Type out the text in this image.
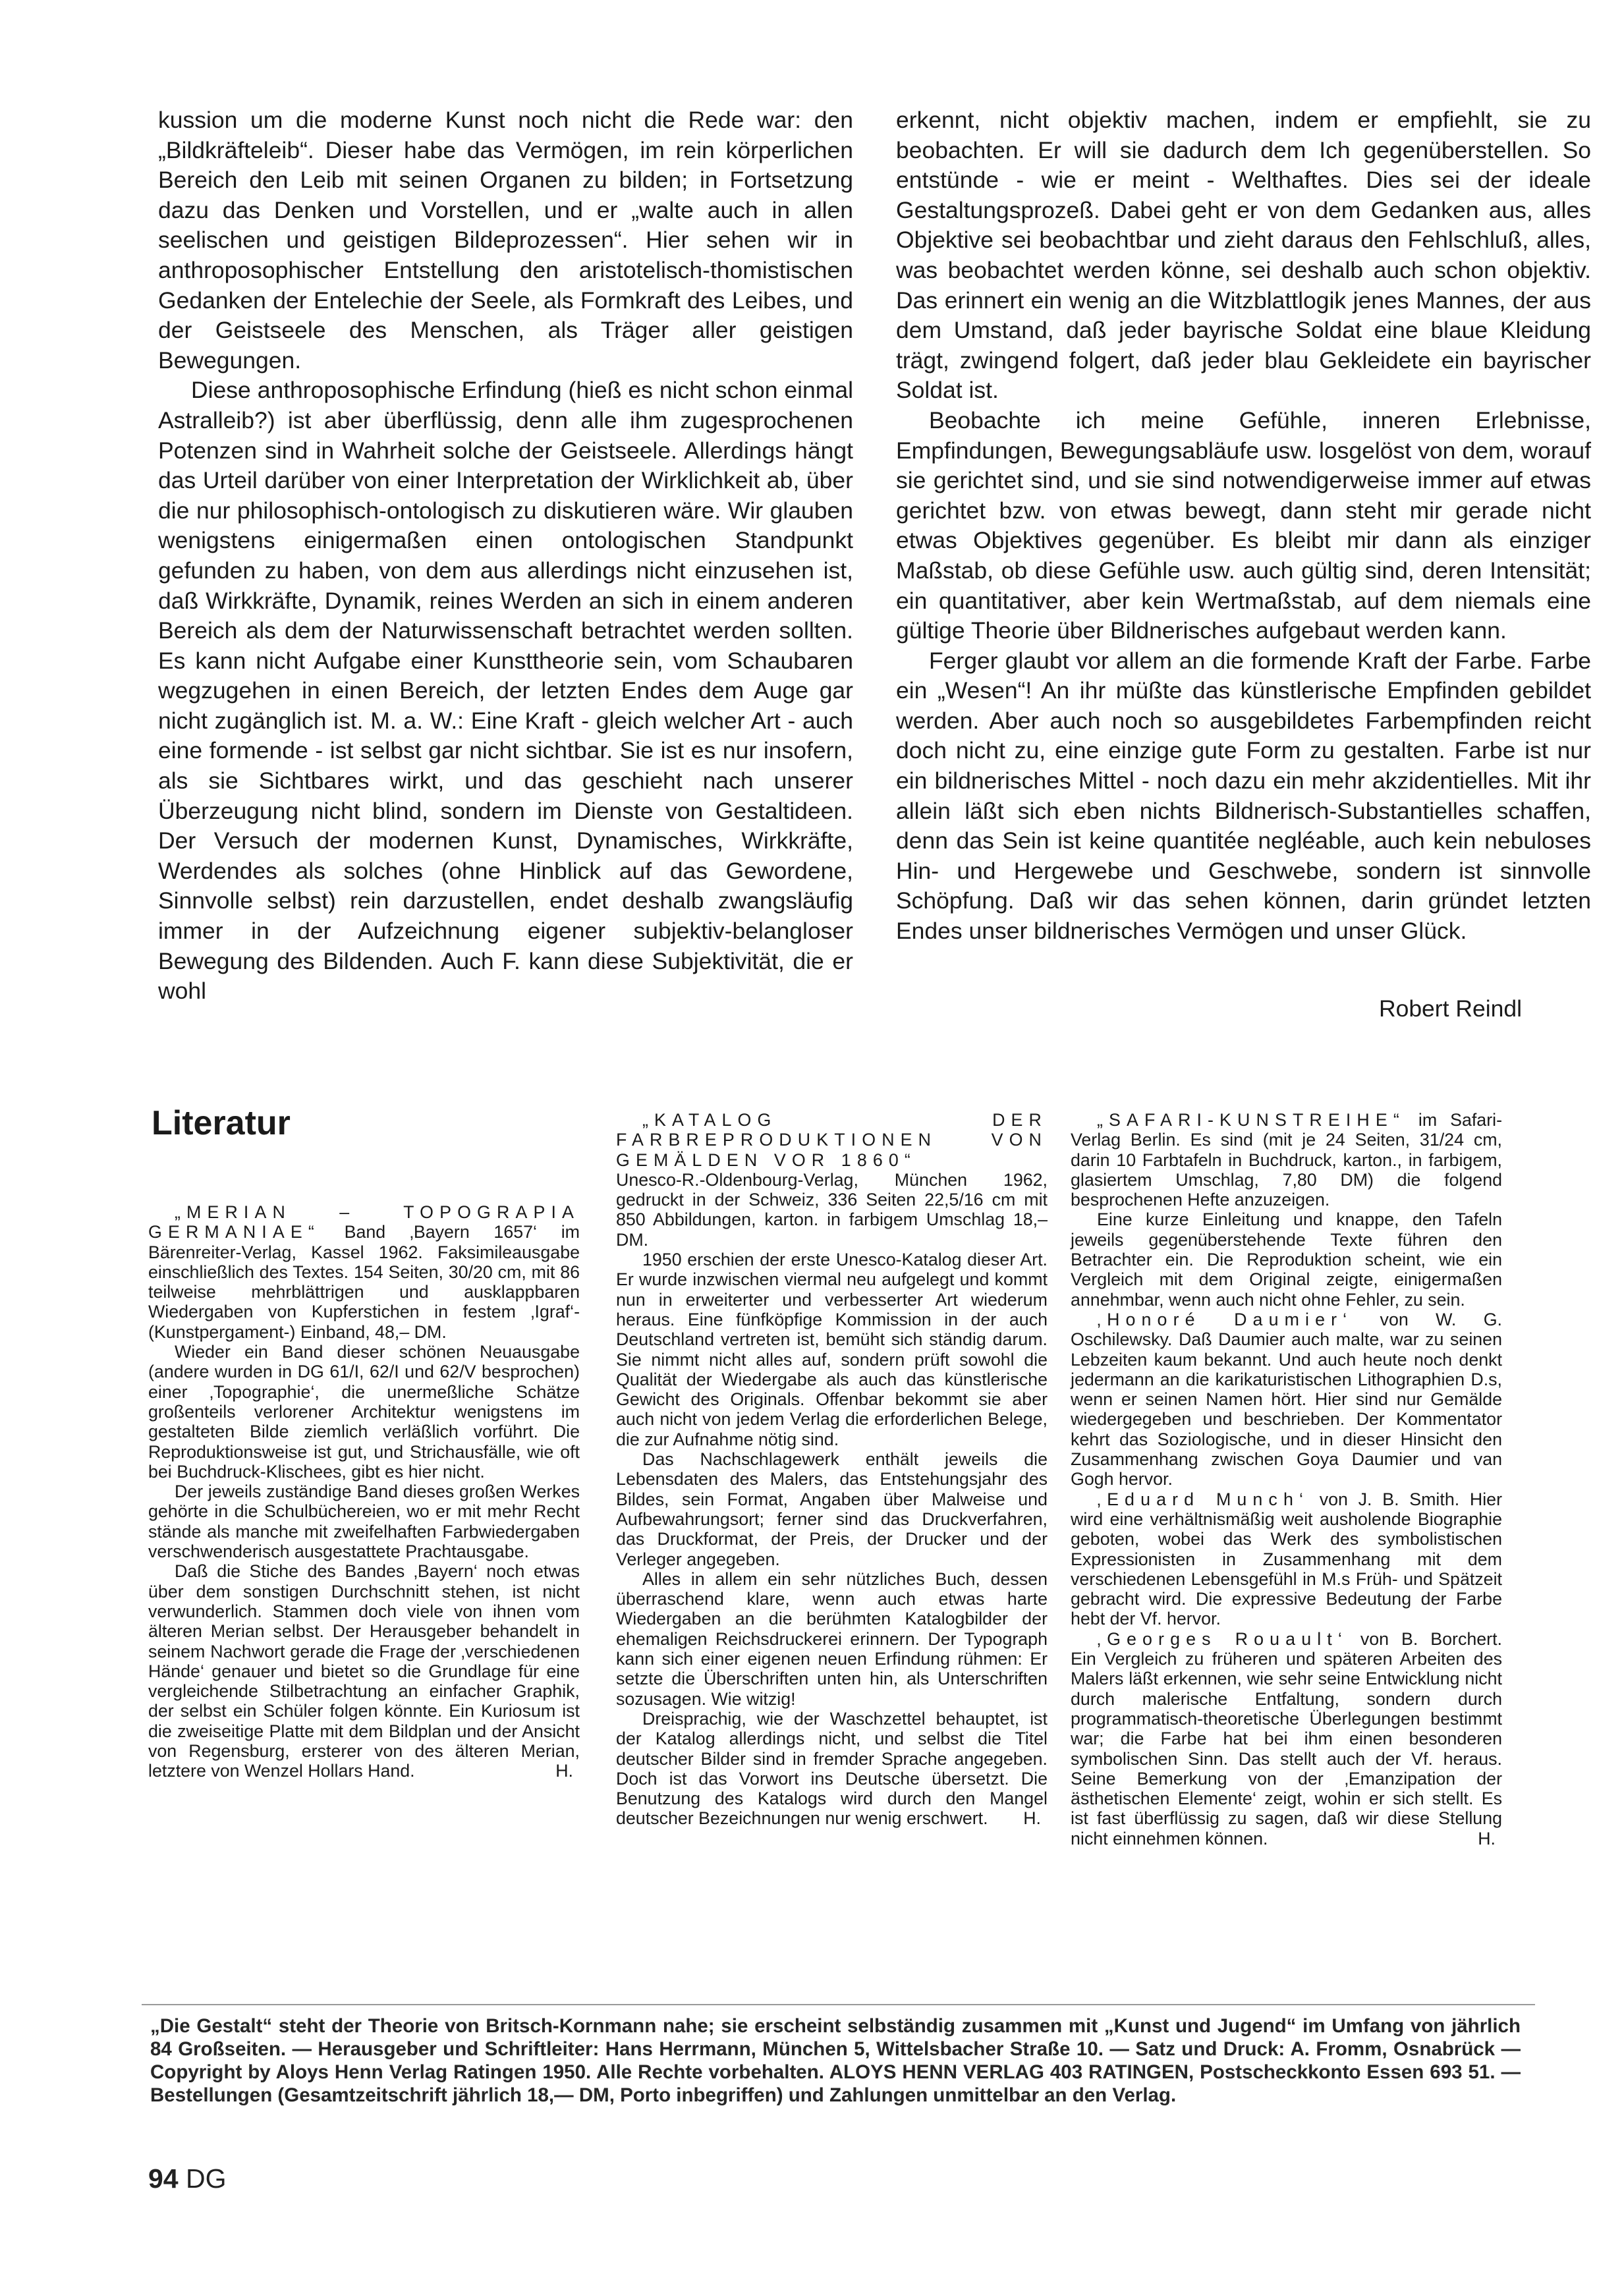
kussion um die moderne Kunst noch nicht die Rede war: den „Bildkräfteleib“. Dieser habe das Vermögen, im rein körperlichen Bereich den Leib mit seinen Organen zu bilden; in Fortsetzung dazu das Denken und Vorstellen, und er „walte auch in allen seelischen und geistigen Bildeprozessen“. Hier sehen wir in anthroposophischer Entstellung den aristotelisch-thomistischen Gedanken der Entelechie der Seele, als Formkraft des Leibes, und der Geistseele des Menschen, als Träger aller geistigen Bewegungen.

Diese anthroposophische Erfindung (hieß es nicht schon einmal Astralleib?) ist aber überflüssig, denn alle ihm zugesprochenen Potenzen sind in Wahrheit solche der Geistseele. Allerdings hängt das Urteil darüber von einer Interpretation der Wirklichkeit ab, über die nur philosophisch-ontologisch zu diskutieren wäre. Wir glauben wenigstens einigermaßen einen ontologischen Standpunkt gefunden zu haben, von dem aus allerdings nicht einzusehen ist, daß Wirkkräfte, Dynamik, reines Werden an sich in einem anderen Bereich als dem der Naturwissenschaft betrachtet werden sollten. Es kann nicht Aufgabe einer Kunsttheorie sein, vom Schaubaren wegzugehen in einen Bereich, der letzten Endes dem Auge gar nicht zugänglich ist. M. a. W.: Eine Kraft - gleich welcher Art - auch eine formende - ist selbst gar nicht sichtbar. Sie ist es nur insofern, als sie Sichtbares wirkt, und das geschieht nach unserer Überzeugung nicht blind, sondern im Dienste von Gestaltideen. Der Versuch der modernen Kunst, Dynamisches, Wirkkräfte, Werdendes als solches (ohne Hinblick auf das Gewordene, Sinnvolle selbst) rein darzustellen, endet deshalb zwangsläufig immer in der Aufzeichnung eigener subjektiv-belangloser Bewegung des Bildenden. Auch F. kann diese Subjektivität, die er wohl

erkennt, nicht objektiv machen, indem er empfiehlt, sie zu beobachten. Er will sie dadurch dem Ich gegenüberstellen. So entstünde - wie er meint - Welthaftes. Dies sei der ideale Gestaltungsprozeß. Dabei geht er von dem Gedanken aus, alles Objektive sei beobachtbar und zieht daraus den Fehlschluß, alles, was beobachtet werden könne, sei deshalb auch schon objektiv. Das erinnert ein wenig an die Witzblattlogik jenes Mannes, der aus dem Umstand, daß jeder bayrische Soldat eine blaue Kleidung trägt, zwingend folgert, daß jeder blau Gekleidete ein bayrischer Soldat ist.

Beobachte ich meine Gefühle, inneren Erlebnisse, Empfindungen, Bewegungsabläufe usw. losgelöst von dem, worauf sie gerichtet sind, und sie sind notwendigerweise immer auf etwas gerichtet bzw. von etwas bewegt, dann steht mir gerade nicht etwas Objektives gegenüber. Es bleibt mir dann als einziger Maßstab, ob diese Gefühle usw. auch gültig sind, deren Intensität; ein quantitativer, aber kein Wertmaßstab, auf dem niemals eine gültige Theorie über Bildnerisches aufgebaut werden kann.

Ferger glaubt vor allem an die formende Kraft der Farbe. Farbe ein „Wesen“! An ihr müßte das künstlerische Empfinden gebildet werden. Aber auch noch so ausgebildetes Farbempfinden reicht doch nicht zu, eine einzige gute Form zu gestalten. Farbe ist nur ein bildnerisches Mittel - noch dazu ein mehr akzidentielles. Mit ihr allein läßt sich eben nichts Bildnerisch-Substantielles schaffen, denn das Sein ist keine quantitée negléable, auch kein nebuloses Hin- und Hergewebe und Geschwebe, sondern ist sinnvolle Schöpfung. Daß wir das sehen können, darin gründet letzten Endes unser bildnerisches Vermögen und unser Glück.

Robert Reindl
Literatur

„MERIAN – TOPOGRAPIA GERMANIAE“ Band ‚Bayern 1657‘ im Bärenreiter-Verlag, Kassel 1962. Faksimileausgabe einschließlich des Textes. 154 Seiten, 30/20 cm, mit 86 teilweise mehrblättrigen und ausklappbaren Wiedergaben von Kupferstichen in festem ‚Igraf‘- (Kunstpergament-) Einband, 48,– DM.

Wieder ein Band dieser schönen Neuausgabe (andere wurden in DG 61/I, 62/I und 62/V besprochen) einer ‚Topographie‘, die unermeßliche Schätze großenteils verlorener Architektur wenigstens im gestalteten Bilde ziemlich verläßlich vorführt. Die Reproduktionsweise ist gut, und Strichausfälle, wie oft bei Buchdruck-Klischees, gibt es hier nicht.

Der jeweils zuständige Band dieses großen Werkes gehörte in die Schulbüchereien, wo er mit mehr Recht stände als manche mit zweifelhaften Farbwiedergaben verschwenderisch ausgestattete Prachtausgabe.

Daß die Stiche des Bandes ‚Bayern‘ noch etwas über dem sonstigen Durchschnitt stehen, ist nicht verwunderlich. Stammen doch viele von ihnen vom älteren Merian selbst. Der Herausgeber behandelt in seinem Nachwort gerade die Frage der ‚verschiedenen Hände‘ genauer und bietet so die Grundlage für eine vergleichende Stilbetrachtung an einfacher Graphik, der selbst ein Schüler folgen könnte. Ein Kuriosum ist die zweiseitige Platte mit dem Bildplan und der Ansicht von Regensburg, ersterer von des älteren Merian, letztere von Wenzel Hollars Hand.	H.

„KATALOG DER FARBREPRODUKTIONEN VON GEMÄLDEN VOR 1860“

Unesco-R.-Oldenbourg-Verlag, München 1962, gedruckt in der Schweiz, 336 Seiten 22,5/16 cm mit 850 Abbildungen, karton. in farbigem Umschlag 18,– DM.

1950 erschien der erste Unesco-Katalog dieser Art. Er wurde inzwischen viermal neu aufgelegt und kommt nun in erweiterter und verbesserter Art wiederum heraus. Eine fünfköpfige Kommission in der auch Deutschland vertreten ist, bemüht sich ständig darum. Sie nimmt nicht alles auf, sondern prüft sowohl die Qualität der Wiedergabe als auch das künstlerische Gewicht des Originals. Offenbar bekommt sie aber auch nicht von jedem Verlag die erforderlichen Belege, die zur Aufnahme nötig sind.

Das Nachschlagewerk enthält jeweils die Lebensdaten des Malers, das Entstehungsjahr des Bildes, sein Format, Angaben über Malweise und Aufbewahrungsort; ferner sind das Druckverfahren, das Druckformat, der Preis, der Drucker und der Verleger angegeben.

Alles in allem ein sehr nützliches Buch, dessen überraschend klare, wenn auch etwas harte Wiedergaben an die berühmten Katalogbilder der ehemaligen Reichsdruckerei erinnern. Der Typograph kann sich einer eigenen neuen Erfindung rühmen: Er setzte die Überschriften unten hin, als Unterschriften sozusagen. Wie witzig!

Dreisprachig, wie der Waschzettel behauptet, ist der Katalog allerdings nicht, und selbst die Titel deutscher Bilder sind in fremder Sprache angegeben. Doch ist das Vorwort ins Deutsche übersetzt. Die Benutzung des Katalogs wird durch den Mangel deutscher Bezeichnungen nur wenig erschwert.	H.

„SAFARI-KUNSTREIHE“ im Safari-Verlag Berlin. Es sind (mit je 24 Seiten, 31/24 cm, darin 10 Farbtafeln in Buchdruck, karton., in farbigem, glasiertem Umschlag, 7,80 DM) die folgend besprochenen Hefte anzuzeigen.

Eine kurze Einleitung und knappe, den Tafeln jeweils gegenüberstehende Texte führen den Betrachter ein. Die Reproduktion scheint, wie ein Vergleich mit dem Original zeigte, einigermaßen annehmbar, wenn auch nicht ohne Fehler, zu sein.

‚Honoré Daumier‘ von W. G. Oschilewsky. Daß Daumier auch malte, war zu seinen Lebzeiten kaum bekannt. Und auch heute noch denkt jedermann an die karikaturistischen Lithographien D.s, wenn er seinen Namen hört. Hier sind nur Gemälde wiedergegeben und beschrieben. Der Kommentator kehrt das Soziologische, und in dieser Hinsicht den Zusammenhang zwischen Goya Daumier und van Gogh hervor.

‚Eduard Munch‘ von J. B. Smith. Hier wird eine verhältnismäßig weit ausholende Biographie geboten, wobei das Werk des symbolistischen Expressionisten in Zusammenhang mit dem verschiedenen Lebensgefühl in M.s Früh- und Spätzeit gebracht wird. Die expressive Bedeutung der Farbe hebt der Vf. hervor.

‚Georges Rouault‘ von B. Borchert. Ein Vergleich zu früheren und späteren Arbeiten des Malers läßt erkennen, wie sehr seine Entwicklung nicht durch malerische Entfaltung, sondern durch programmatisch-theoretische Überlegungen bestimmt war; die Farbe hat bei ihm einen besonderen symbolischen Sinn. Das stellt auch der Vf. heraus. Seine Bemerkung von der ‚Emanzipation der ästhetischen Elemente‘ zeigt, wohin er sich stellt. Es ist fast überflüssig zu sagen, daß wir diese Stellung nicht einnehmen können.	H.

„Die Gestalt“ steht der Theorie von Britsch-Kornmann nahe; sie erscheint selbständig zusammen mit „Kunst und Jugend“ im Umfang von jährlich 84 Großseiten. — Herausgeber und Schriftleiter: Hans Herrmann, München 5, Wittelsbacher Straße 10. — Satz und Druck: A. Fromm, Osnabrück — Copyright by Aloys Henn Verlag Ratingen 1950. Alle Rechte vorbehalten. ALOYS HENN VERLAG 403 RATINGEN, Postscheckkonto Essen 693 51. — Bestellungen (Gesamtzeitschrift jährlich 18,— DM, Porto inbegriffen) und Zahlungen unmittelbar an den Verlag.
94 DG
